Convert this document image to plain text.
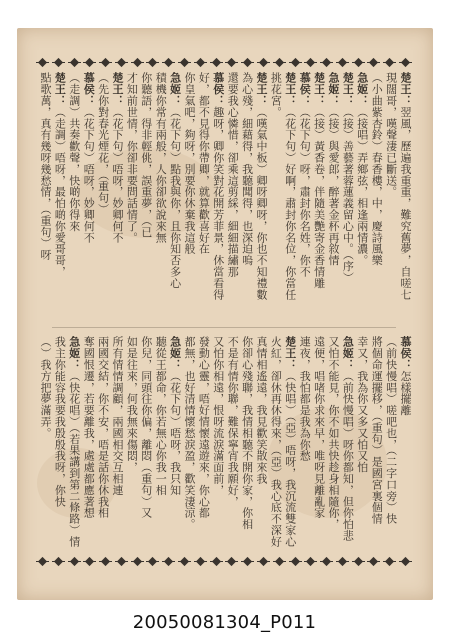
楚王：翌風，歷遍我重重，難究舊夢，自嗟七
現闊哥，嘆聲淒已斷送。
（小曲紫杏鈴）春香樓，中，慶詩風樂
急姬：（接唱）弄鄉弦，相逢兩情濃。
楚王：（接）善藝著蓉蓮義留心中。（序）
急姬：（接）與愛郎，醉著金杯再敘情
楚王：（接）黃香卷，伴隨美艷寄金香情雕
慕侯：（花下句）呀，肅封你名姓，你不
楚王：（花下句）好啊，肅封你名位，你當任
挑花宮。
楚王：（嘆氣中板）卿呀卿呀，你也不知禮數
為心殘，細藉得，我聽聞得，也深迫嗚
還要我心憐惜，卻乘這剪綵，細細描繡那
慕侯：趣呀，卿你笑對花開芳菲景，休當看得
好，都不見得你帶卿，就算歡喜好在
你皇氣吧，夠呀，別要你休棄我這般
急姬：（花下句）點我與你，且你知否多心
積機你常有兩般，人你卻欲說來無
你聽語，得非輕佻，誤重夢，（已
才知前世情，你卻非要問話情了。
楚王：（花下句）唔呀，妙卿何不
（先你對春光煙花，（重句）
慕侯：（花下句）唔呀，妙卿何不
（走調）共奏歡聲，快啲你得來
楚王：（走調）唔呀，最怕啲你愛哥哥，
點歌萬，真有幾呀幾愁情，（重句）呀
慕侯：怎樣擺離
（前快慢唱）嗟吧也，（二字口旁）快
將個命運擺移，（重句）是國宮裏個情
幸又，我為你又多又怕又怕
急姬：（前快慢唱）呀你都知，但你怕悲
又怕不能見，你不如共快趁身相隨你，
遠便，唱啫你求來早，唯呀見離亂家
連夜，我怕都是我為你愁
楚王：（快唱）（亞）唔呀，我沉流雙家心
火紅，卻休再休得來，（亞）我心底不深好
真情相遙遠，我見歡笑散來我
你卻心殘聯，我情相聽不開你家，你相
不是有情你聯，難保寧宵我願好，
又怕你相遠，恨呀流淚滿面前，
發動心靈，唔好情懷遠遊來，你心都
都無，也好清情懷愁淚盈，歡笑淒涼。
急姬：（花下句）唔呀，我只知
聽從王都命，你若無心你我一相
你兒，同頭往你偏，離悶（重句）又
如是往來，何我無來傷悶，
所有情情調顧，兩國相交互相連
兩國交結，你不安，唔是話你休我相
奪國恨遷，若要離我，處處都應著想
急姬：（快花唱）（若果講到第二條路）情
我主你能容我要我殷殷我呀，你快
（）我方把夢滿弄。
20050081304_P011
